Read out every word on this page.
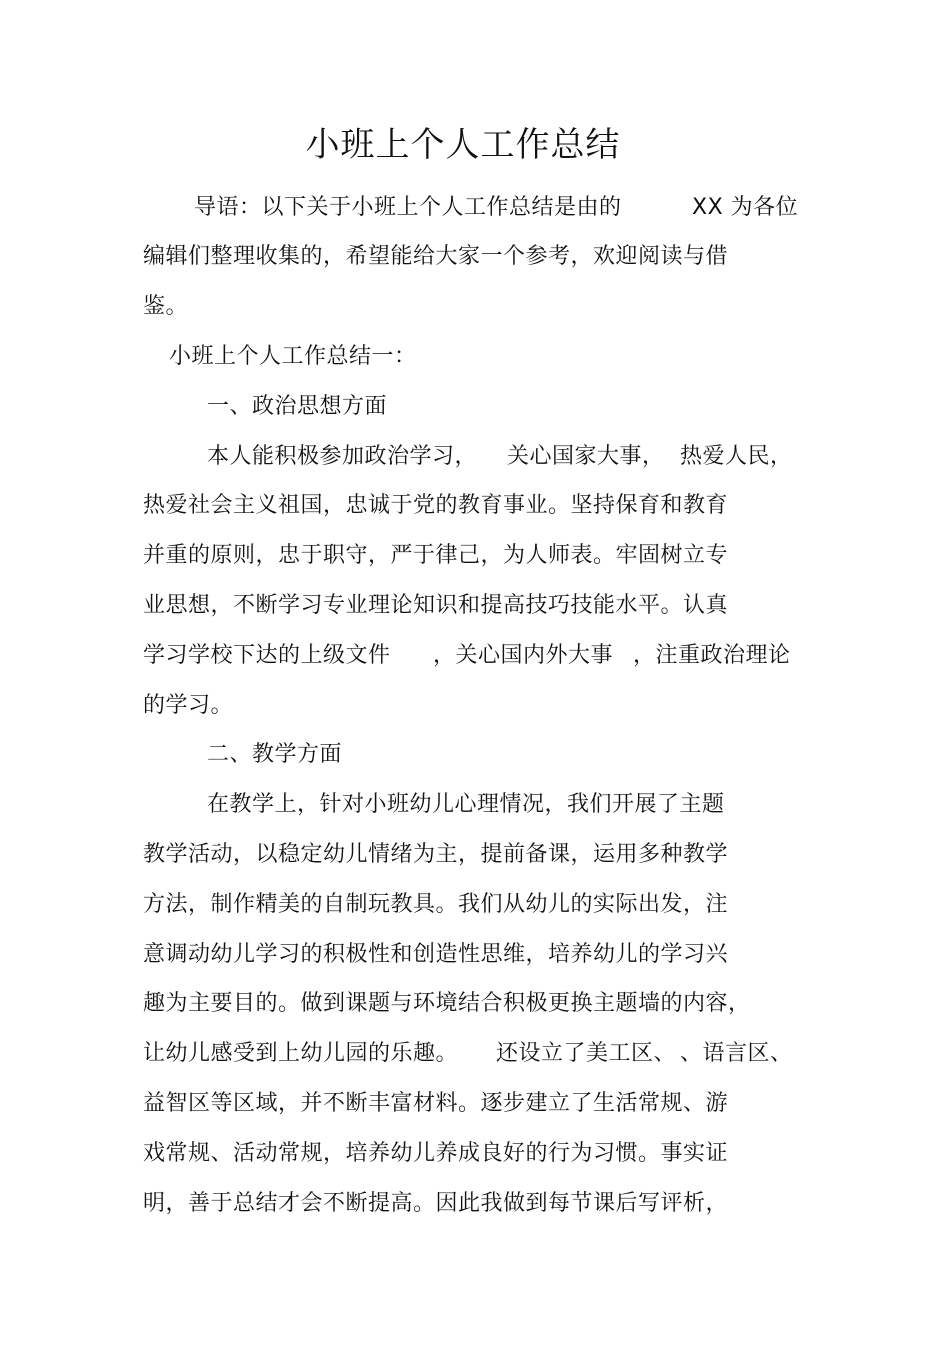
小班上个人工作总结
导语：以下关于小班上个人工作总结是由的	XX 为各位
编辑们整理收集的，希望能给大家一个参考，欢迎阅读与借
鉴。
小班上个人工作总结一：
一、政治思想方面
本人能积极参加政治学习， 关心国家大事， 热爱人民，
热爱社会主义祖国，忠诚于党的教育事业。坚持保育和教育
并重的原则，忠于职守，严于律己，为人师表。牢固树立专
业思想，不断学习专业理论知识和提高技巧技能水平。认真
学习学校下达的上级文件 ，关心国内外大事 ，注重政治理论
的学习。
二、教学方面
在教学上，针对小班幼儿心理情况，我们开展了主题
教学活动，以稳定幼儿情绪为主，提前备课，运用多种教学
方法，制作精美的自制玩教具。我们从幼儿的实际出发，注
意调动幼儿学习的积极性和创造性思维，培养幼儿的学习兴
趣为主要目的。做到课题与环境结合积极更换主题墙的内容，
让幼儿感受到上幼儿园的乐趣。 还设立了美工区、 、语言区、
益智区等区域，并不断丰富材料。逐步建立了生活常规、游
戏常规、活动常规，培养幼儿养成良好的行为习惯。事实证
明，善于总结才会不断提高。因此我做到每节课后写评析，
